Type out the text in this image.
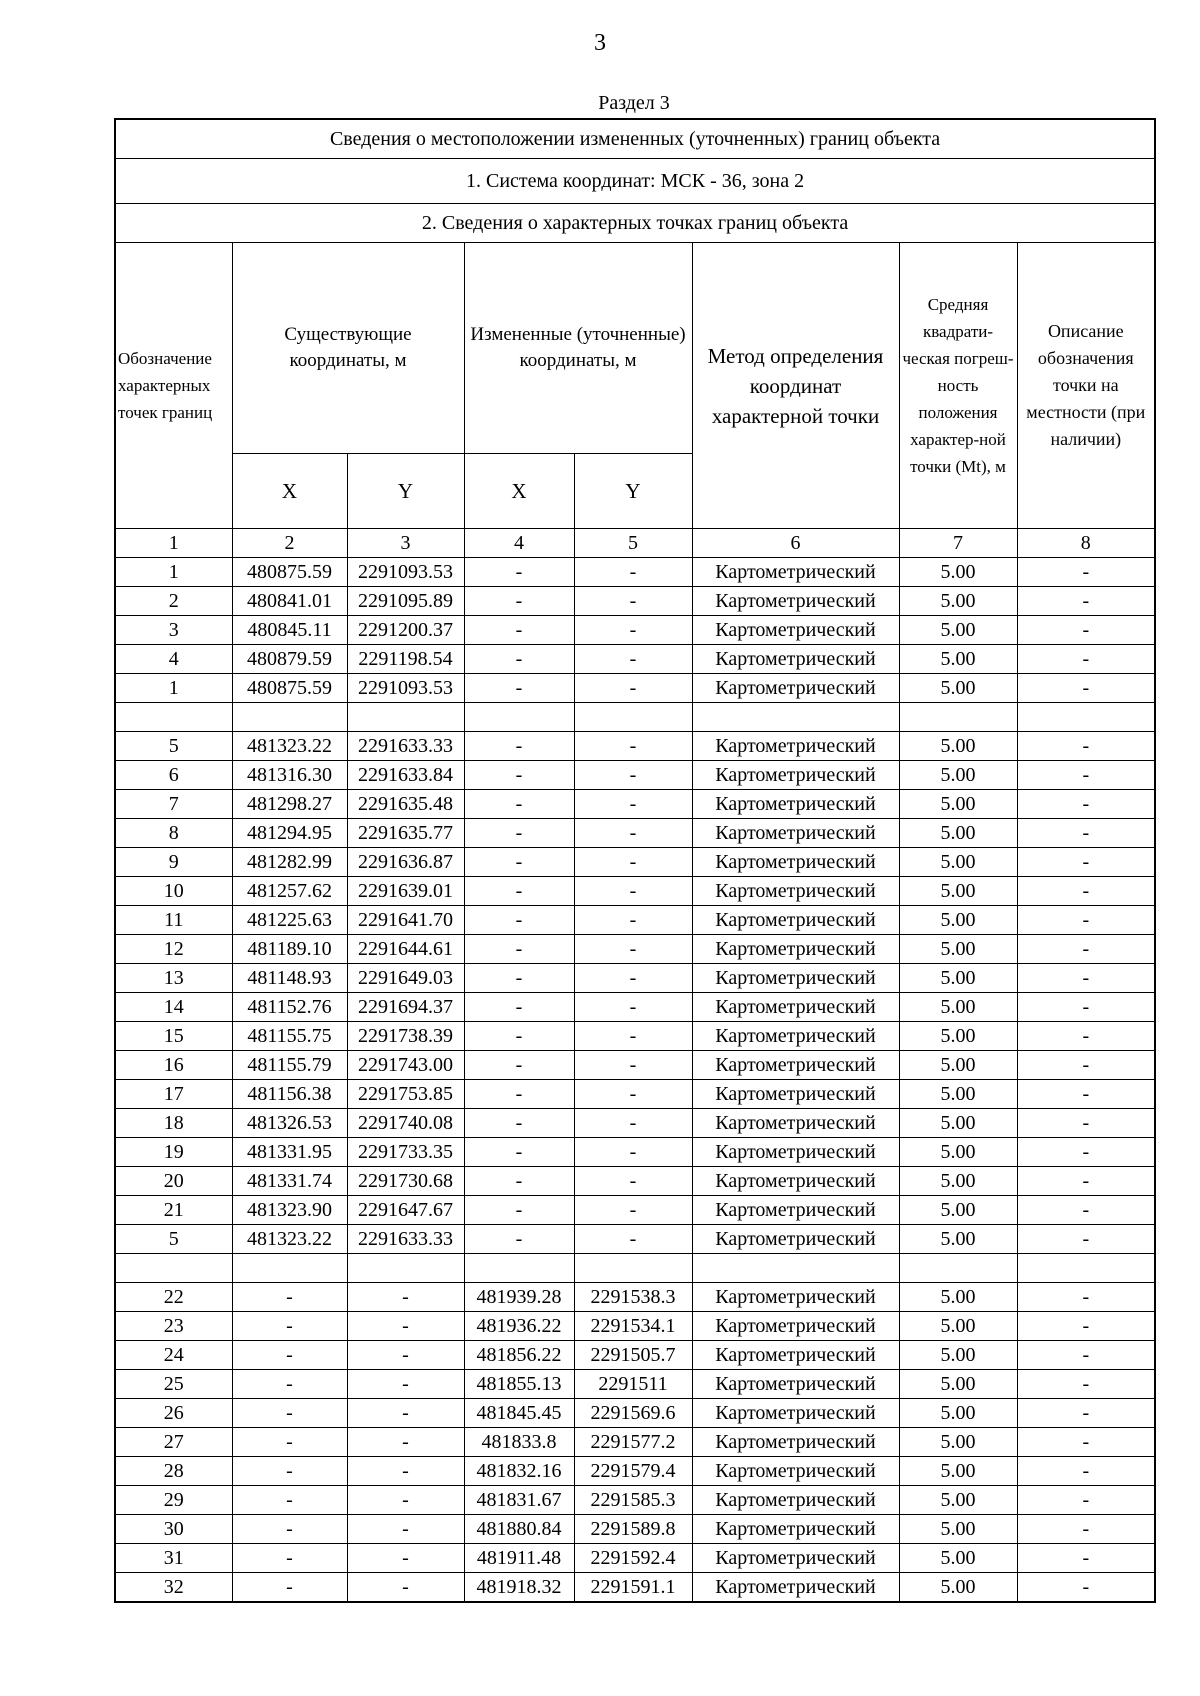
3
Раздел 3
Сведения о местоположении измененных (уточненных) границ объекта							
1. Система координат: МСК - 36, зона 2							
2. Сведения о характерных точках границ объекта							
Обозначение характерных точек границ	Существующие координаты, м		Измененные (уточненные) координаты, м		Метод определения координат характерной точки	Средняя квадрати-ческая погреш-ность положения характер-ной точки (Mt), м	Описание обозначения точки на местности (при наличии)
	X	Y	X	Y			
1	2	3	4	5	6	7	8
1	480875.59	2291093.53	-	-	Картометрический	5.00	-
2	480841.01	2291095.89	-	-	Картометрический	5.00	-
3	480845.11	2291200.37	-	-	Картометрический	5.00	-
4	480879.59	2291198.54	-	-	Картометрический	5.00	-
1	480875.59	2291093.53	-	-	Картометрический	5.00	-

5	481323.22	2291633.33	-	-	Картометрический	5.00	-
6	481316.30	2291633.84	-	-	Картометрический	5.00	-
7	481298.27	2291635.48	-	-	Картометрический	5.00	-
8	481294.95	2291635.77	-	-	Картометрический	5.00	-
9	481282.99	2291636.87	-	-	Картометрический	5.00	-
10	481257.62	2291639.01	-	-	Картометрический	5.00	-
11	481225.63	2291641.70	-	-	Картометрический	5.00	-
12	481189.10	2291644.61	-	-	Картометрический	5.00	-
13	481148.93	2291649.03	-	-	Картометрический	5.00	-
14	481152.76	2291694.37	-	-	Картометрический	5.00	-
15	481155.75	2291738.39	-	-	Картометрический	5.00	-
16	481155.79	2291743.00	-	-	Картометрический	5.00	-
17	481156.38	2291753.85	-	-	Картометрический	5.00	-
18	481326.53	2291740.08	-	-	Картометрический	5.00	-
19	481331.95	2291733.35	-	-	Картометрический	5.00	-
20	481331.74	2291730.68	-	-	Картометрический	5.00	-
21	481323.90	2291647.67	-	-	Картометрический	5.00	-
5	481323.22	2291633.33	-	-	Картометрический	5.00	-

22	-	-	481939.28	2291538.3	Картометрический	5.00	-
23	-	-	481936.22	2291534.1	Картометрический	5.00	-
24	-	-	481856.22	2291505.7	Картометрический	5.00	-
25	-	-	481855.13	2291511	Картометрический	5.00	-
26	-	-	481845.45	2291569.6	Картометрический	5.00	-
27	-	-	481833.8	2291577.2	Картометрический	5.00	-
28	-	-	481832.16	2291579.4	Картометрический	5.00	-
29	-	-	481831.67	2291585.3	Картометрический	5.00	-
30	-	-	481880.84	2291589.8	Картометрический	5.00	-
31	-	-	481911.48	2291592.4	Картометрический	5.00	-
32	-	-	481918.32	2291591.1	Картометрический	5.00	-
